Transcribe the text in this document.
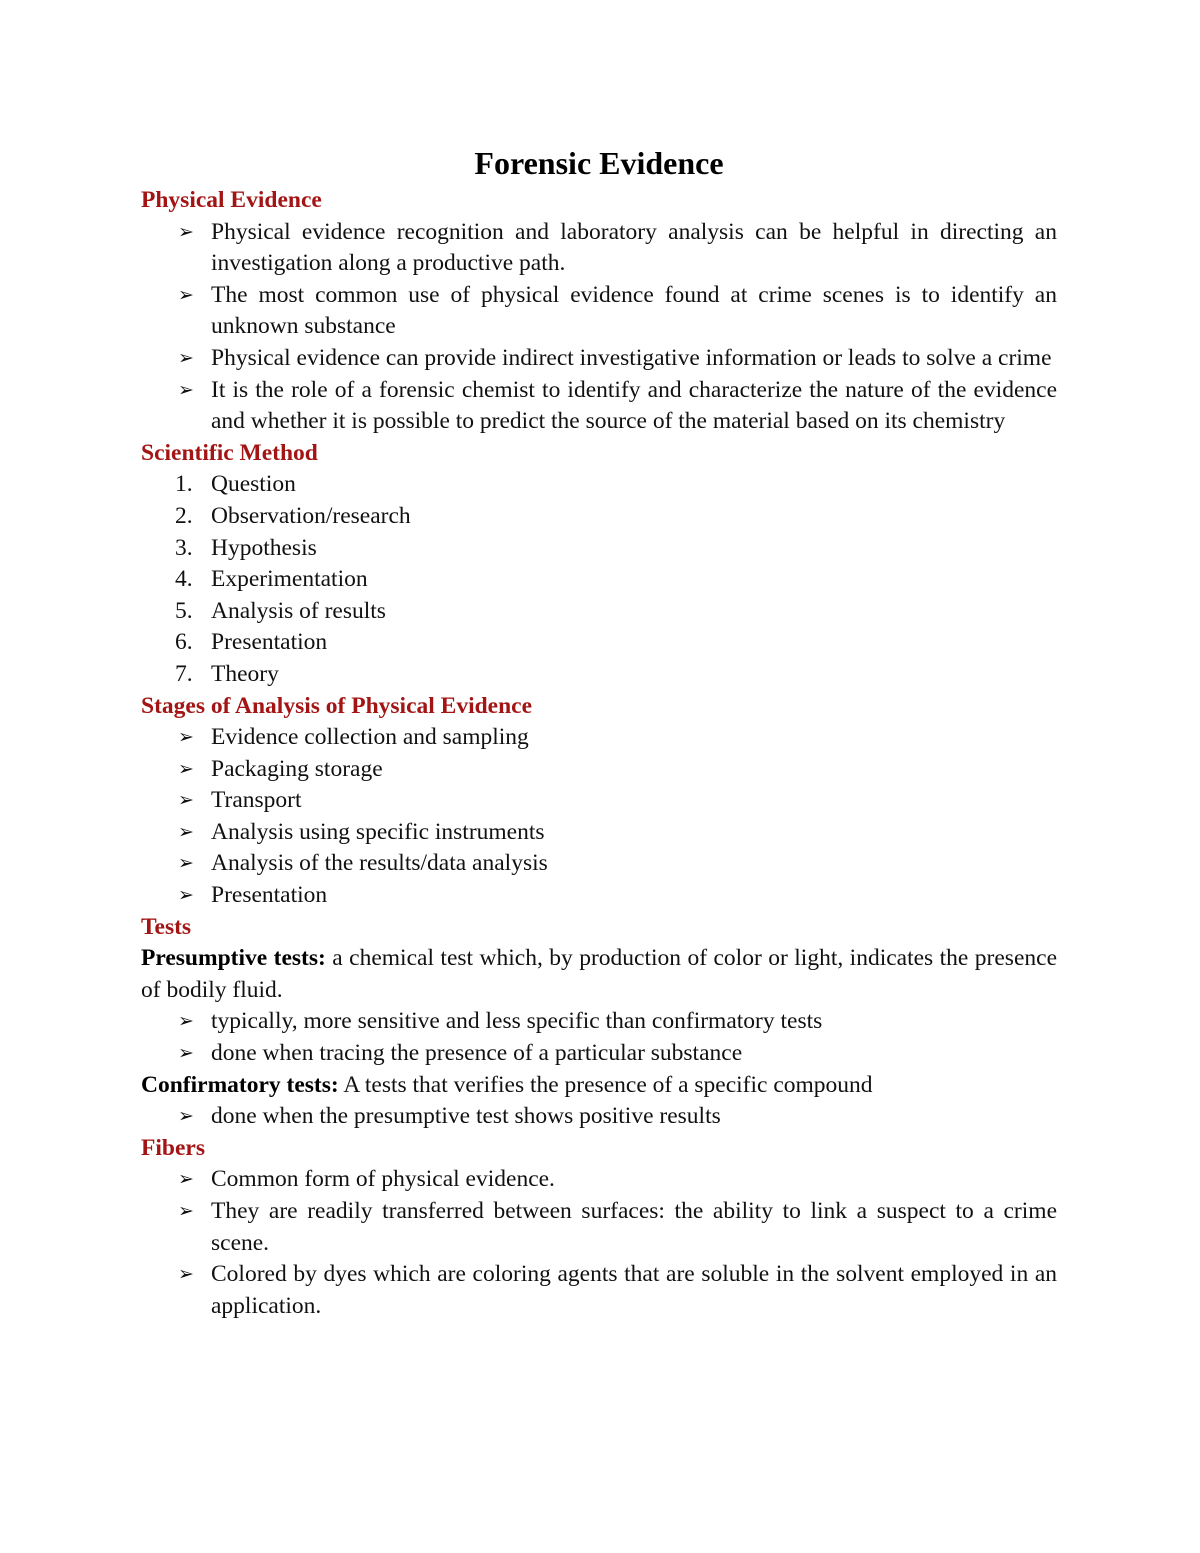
Forensic Evidence
Physical Evidence
➢ Physical evidence recognition and laboratory analysis can be helpful in directing an investigation along a productive path.
➢ The most common use of physical evidence found at crime scenes is to identify an unknown substance
➢ Physical evidence can provide indirect investigative information or leads to solve a crime
➢ It is the role of a forensic chemist to identify and characterize the nature of the evidence and whether it is possible to predict the source of the material based on its chemistry
Scientific Method
1. Question
2. Observation/research
3. Hypothesis
4. Experimentation
5. Analysis of results
6. Presentation
7. Theory
Stages of Analysis of Physical Evidence
➢ Evidence collection and sampling
➢ Packaging storage
➢ Transport
➢ Analysis using specific instruments
➢ Analysis of the results/data analysis
➢ Presentation
Tests
Presumptive tests: a chemical test which, by production of color or light, indicates the presence of bodily fluid.
➢ typically, more sensitive and less specific than confirmatory tests
➢ done when tracing the presence of a particular substance
Confirmatory tests: A tests that verifies the presence of a specific compound
➢ done when the presumptive test shows positive results
Fibers
➢ Common form of physical evidence.
➢ They are readily transferred between surfaces: the ability to link a suspect to a crime scene.
➢ Colored by dyes which are coloring agents that are soluble in the solvent employed in an application.
